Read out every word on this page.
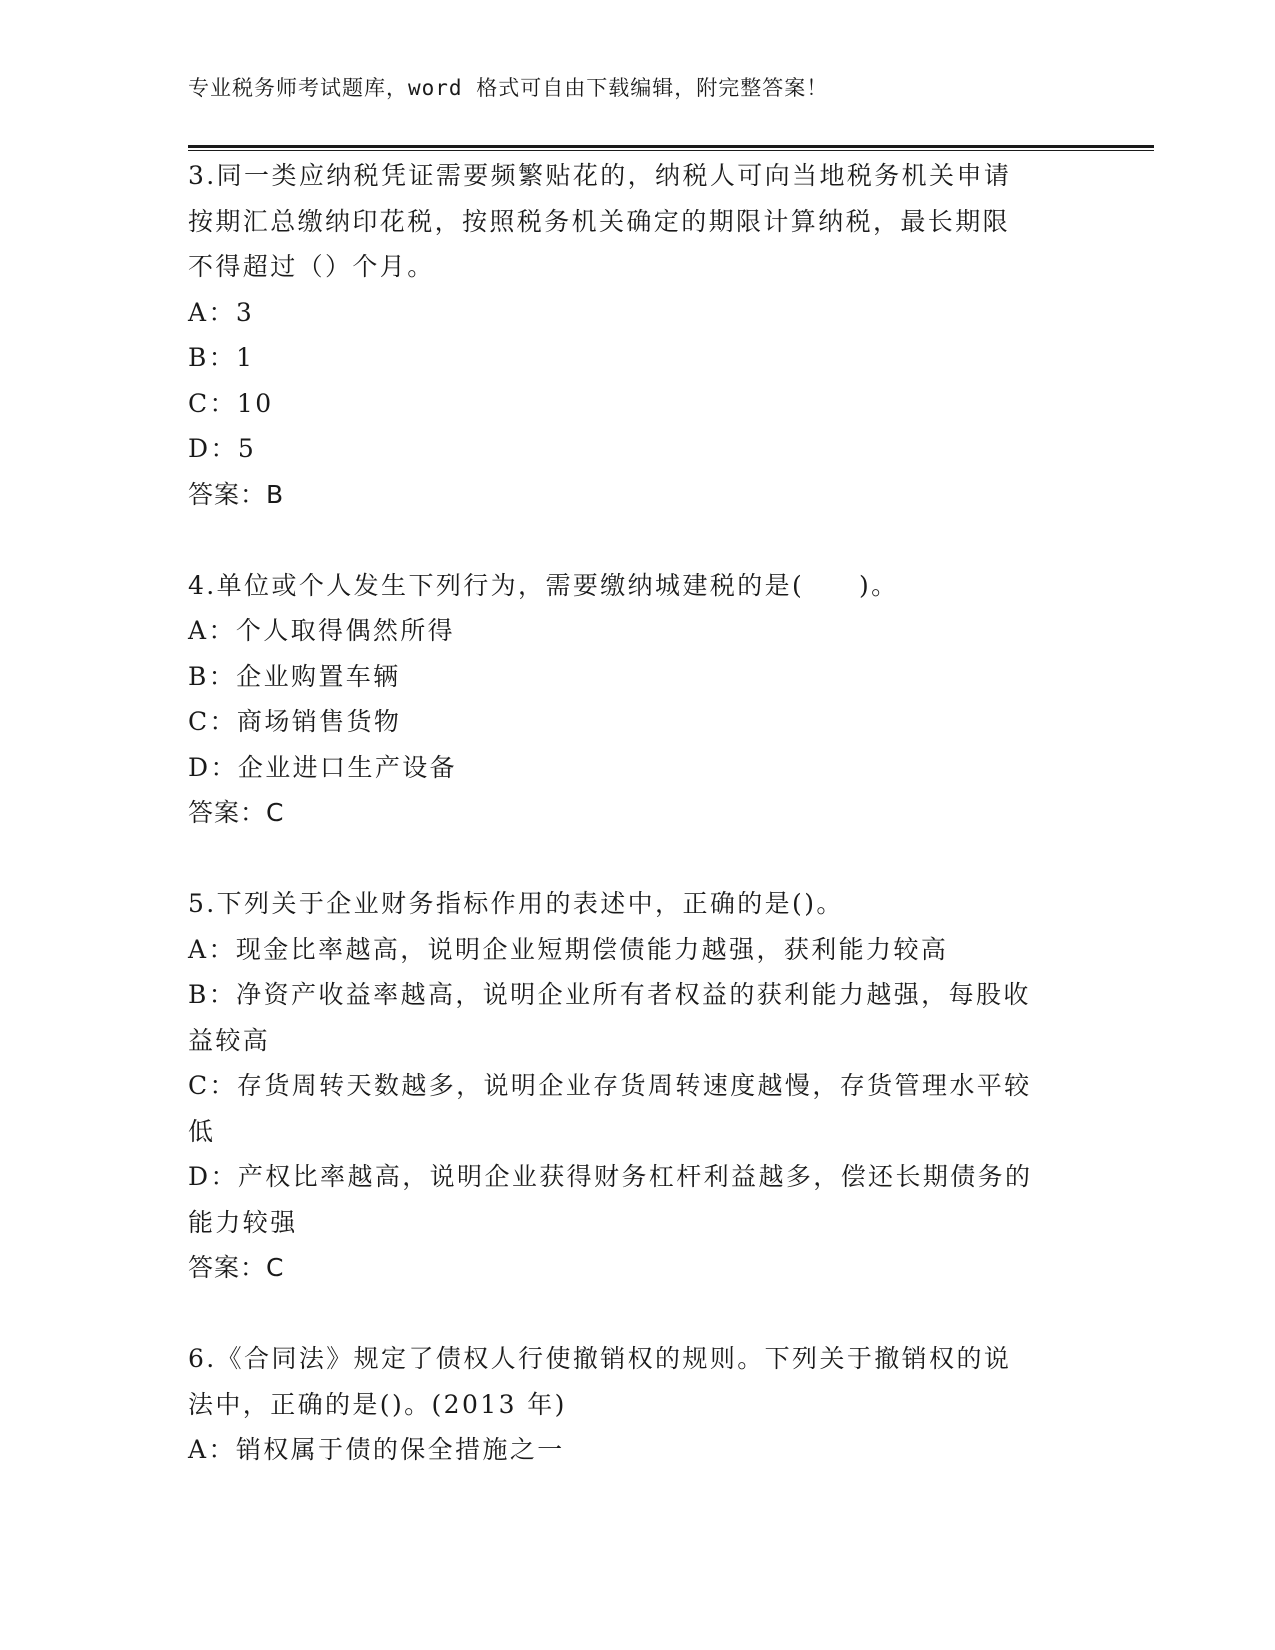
专业税务师考试题库，word 格式可自由下载编辑，附完整答案！
3.同一类应纳税凭证需要频繁贴花的，纳税人可向当地税务机关申请
按期汇总缴纳印花税，按照税务机关确定的期限计算纳税，最长期限
不得超过（）个月。
A：3
B：1
C：10
D：5
答案：B
4.单位或个人发生下列行为，需要缴纳城建税的是(　　)。
A：个人取得偶然所得
B：企业购置车辆
C：商场销售货物
D：企业进口生产设备
答案：C
5.下列关于企业财务指标作用的表述中，正确的是()。
A：现金比率越高，说明企业短期偿债能力越强，获利能力较高
B：净资产收益率越高，说明企业所有者权益的获利能力越强，每股收
益较高
C：存货周转天数越多，说明企业存货周转速度越慢，存货管理水平较
低
D：产权比率越高，说明企业获得财务杠杆利益越多，偿还长期债务的
能力较强
答案：C
6.《合同法》规定了债权人行使撤销权的规则。下列关于撤销权的说
法中，正确的是()。(2013 年)
A：销权属于债的保全措施之一
